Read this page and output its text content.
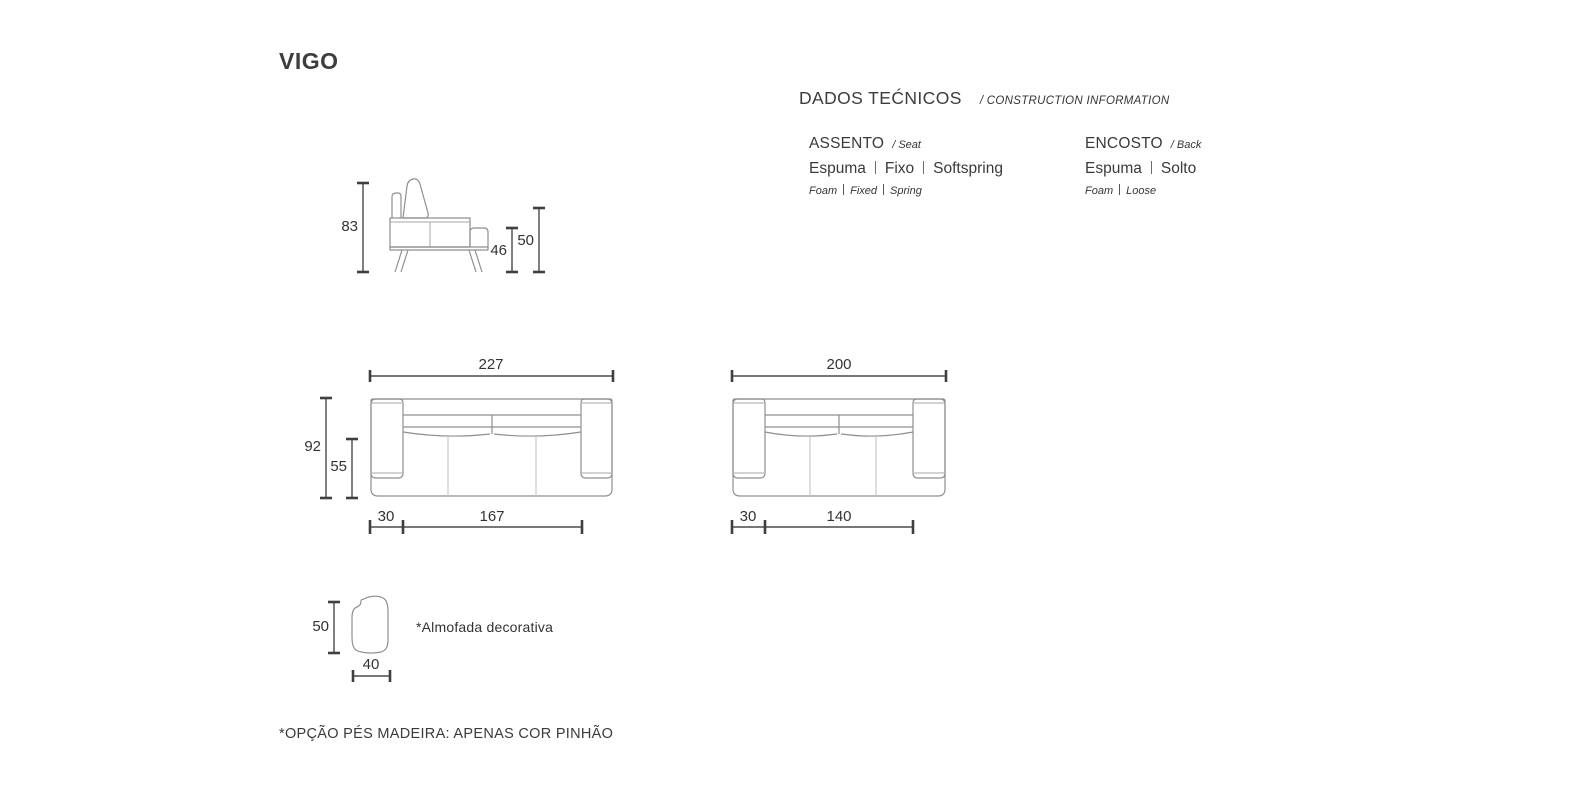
VIGO
DADOS TEĆNICOS / CONSTRUCTION INFORMATION
ASSENTO / Seat
Espuma Fixo Softspring
Foam Fixed Spring
ENCOSTO / Back
Espuma Solto
Foam Loose
83
46
50
227
92
55
30	167
200
30	140
50
40
*Almofada decorativa
*OPÇÃO PÉS MADEIRA: APENAS COR PINHÃO
